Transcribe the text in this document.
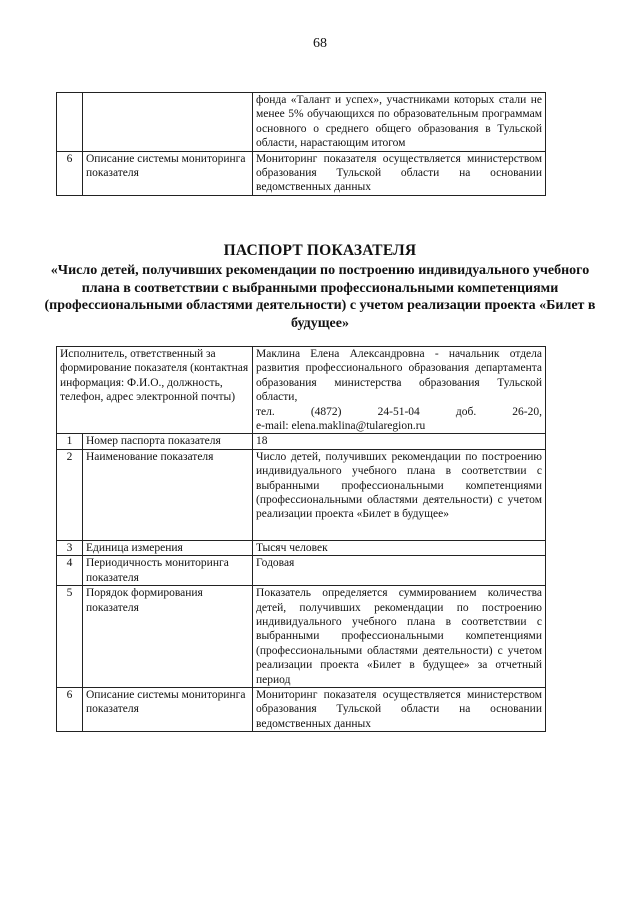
68
		фонда «Талант и успех», участниками которых стали не менее 5% обучающихся по образовательным программам основного о среднего общего образования в Тульской области, нарастающим итогом
6	Описание системы мониторинга показателя	Мониторинг показателя осуществляется министерством образования Тульской области на основании ведомственных данных
ПАСПОРТ ПОКАЗАТЕЛЯ
«Число детей, получивших рекомендации по построению индивидуального учебного плана в соответствии с выбранными профессиональными компетенциями (профессиональными областями деятельности) с учетом реализации проекта «Билет в будущее»
Исполнитель, ответственный за формирование показателя (контактная информация: Ф.И.О., должность, телефон, адрес электронной почты)		Маклина Елена Александровна - начальник отдела развития профессионального образования департамента образования министерства образования Тульской области,
тел. (4872) 24-51-04 доб. 26-20,
e-mail: elena.maklina@tularegion.ru

1	Номер паспорта показателя	18
2	Наименование показателя	Число детей, получивших рекомендации по построению индивидуального учебного плана в соответствии с выбранными профессиональными компетенциями (профессиональными областями деятельности) с учетом реализации проекта «Билет в будущее»
3	Единица измерения	Тысяч человек
4	Периодичность мониторинга показателя	Годовая
5	Порядок формирования показателя	Показатель определяется суммированием количества детей, получивших рекомендации по построению индивидуального учебного плана в соответствии с выбранными профессиональными компетенциями (профессиональными областями деятельности) с учетом реализации проекта «Билет в будущее» за отчетный период
6	Описание системы мониторинга показателя	Мониторинг показателя осуществляется министерством образования Тульской области на основании ведомственных данных
